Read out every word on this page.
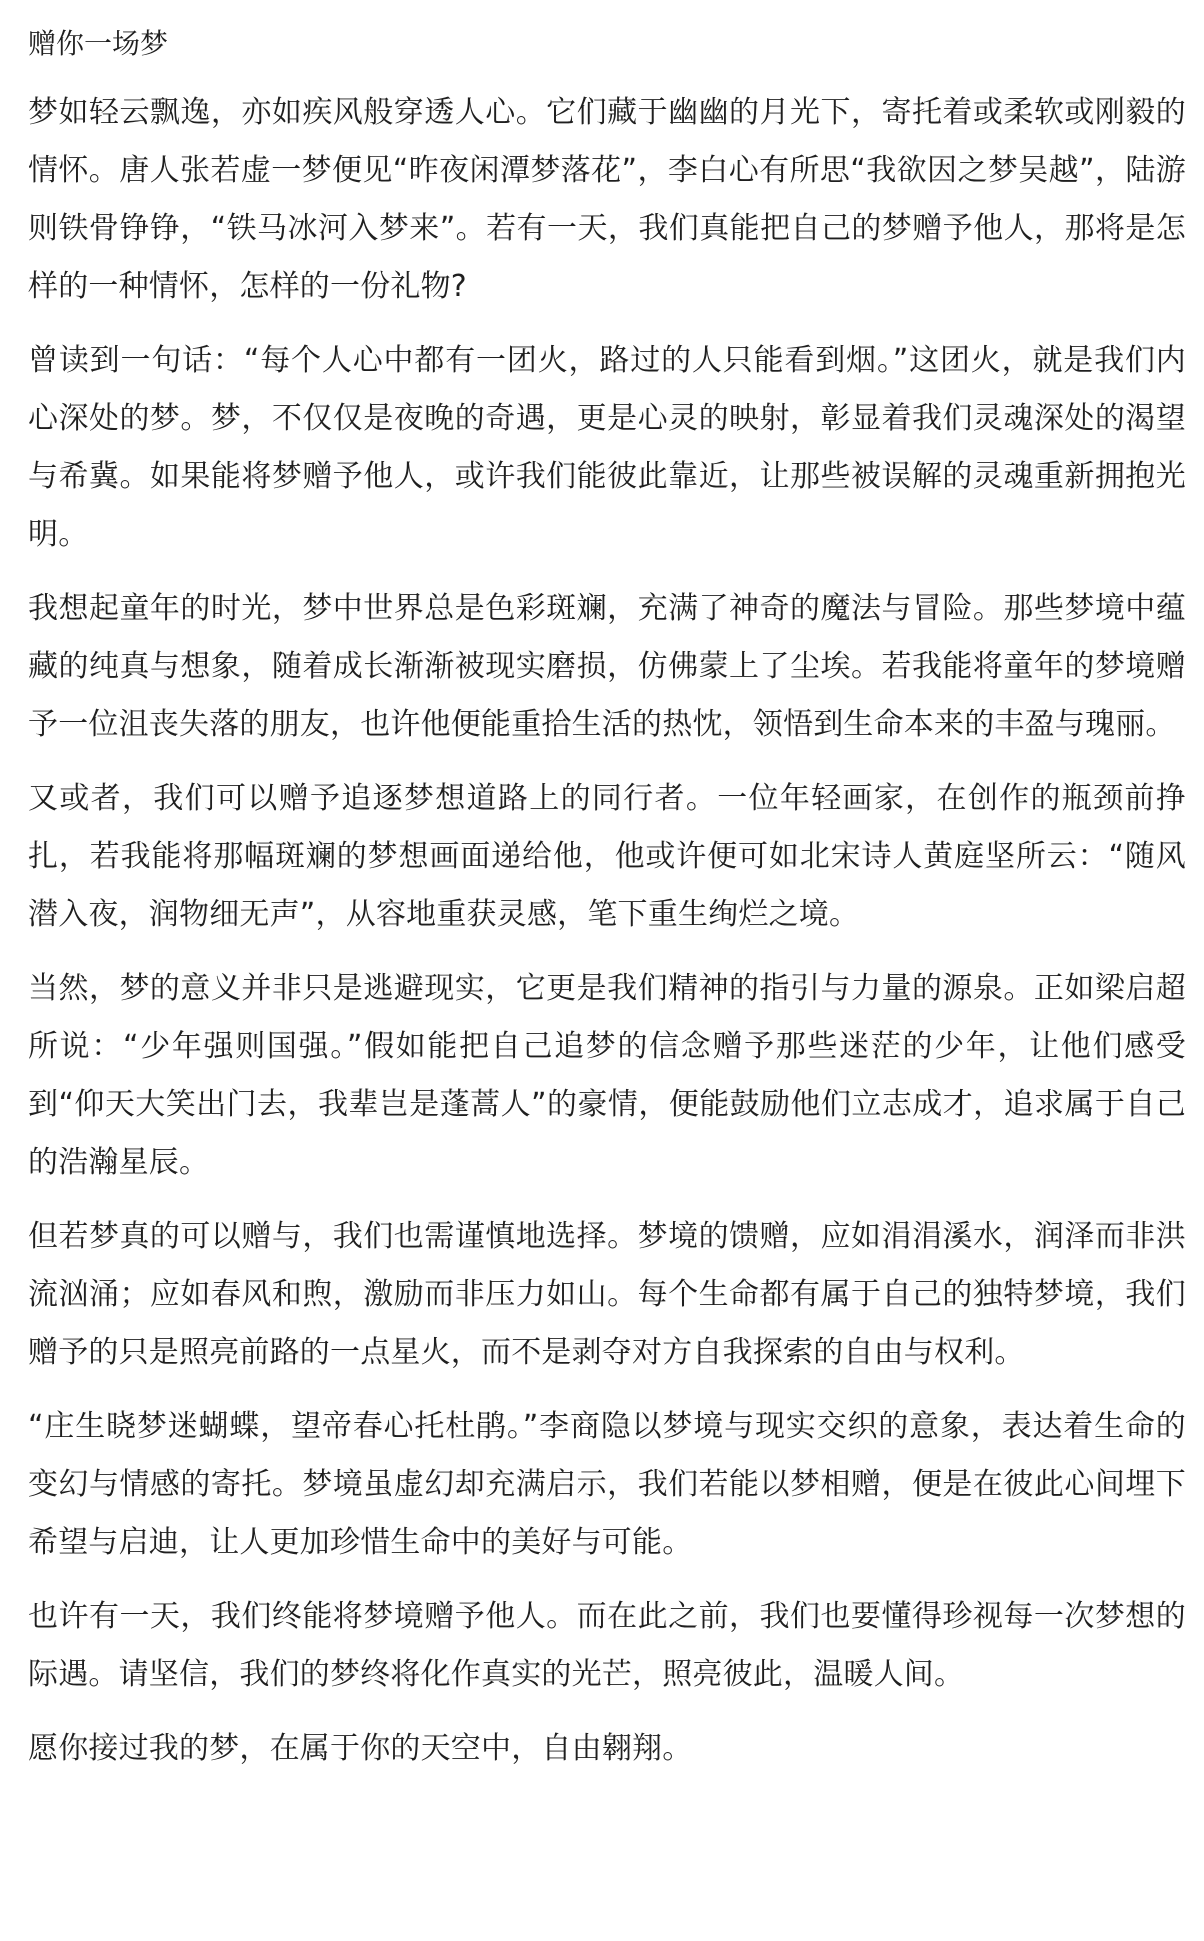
赠你一场梦

梦如轻云飘逸，亦如疾风般穿透人心。它们藏于幽幽的月光下，寄托着或柔软或刚毅的情怀。唐人张若虚一梦便见“昨夜闲潭梦落花”，李白心有所思“我欲因之梦吴越”，陆游则铁骨铮铮，“铁马冰河入梦来”。若有一天，我们真能把自己的梦赠予他人，那将是怎样的一种情怀，怎样的一份礼物?

曾读到一句话：“每个人心中都有一团火，路过的人只能看到烟。”这团火，就是我们内心深处的梦。梦，不仅仅是夜晚的奇遇，更是心灵的映射，彰显着我们灵魂深处的渴望与希冀。如果能将梦赠予他人，或许我们能彼此靠近，让那些被误解的灵魂重新拥抱光明。

我想起童年的时光，梦中世界总是色彩斑斓，充满了神奇的魔法与冒险。那些梦境中蕴藏的纯真与想象，随着成长渐渐被现实磨损，仿佛蒙上了尘埃。若我能将童年的梦境赠予一位沮丧失落的朋友，也许他便能重拾生活的热忱，领悟到生命本来的丰盈与瑰丽。

又或者，我们可以赠予追逐梦想道路上的同行者。一位年轻画家，在创作的瓶颈前挣扎，若我能将那幅斑斓的梦想画面递给他，他或许便可如北宋诗人黄庭坚所云：“随风潜入夜，润物细无声”，从容地重获灵感，笔下重生绚烂之境。

当然，梦的意义并非只是逃避现实，它更是我们精神的指引与力量的源泉。正如梁启超所说：“少年强则国强。”假如能把自己追梦的信念赠予那些迷茫的少年，让他们感受到“仰天大笑出门去，我辈岂是蓬蒿人”的豪情，便能鼓励他们立志成才，追求属于自己的浩瀚星辰。

但若梦真的可以赠与，我们也需谨慎地选择。梦境的馈赠，应如涓涓溪水，润泽而非洪流汹涌；应如春风和煦，激励而非压力如山。每个生命都有属于自己的独特梦境，我们赠予的只是照亮前路的一点星火，而不是剥夺对方自我探索的自由与权利。

“庄生晓梦迷蝴蝶，望帝春心托杜鹃。”李商隐以梦境与现实交织的意象，表达着生命的变幻与情感的寄托。梦境虽虚幻却充满启示，我们若能以梦相赠，便是在彼此心间埋下希望与启迪，让人更加珍惜生命中的美好与可能。

也许有一天，我们终能将梦境赠予他人。而在此之前，我们也要懂得珍视每一次梦想的际遇。请坚信，我们的梦终将化作真实的光芒，照亮彼此，温暖人间。

愿你接过我的梦，在属于你的天空中，自由翱翔。
